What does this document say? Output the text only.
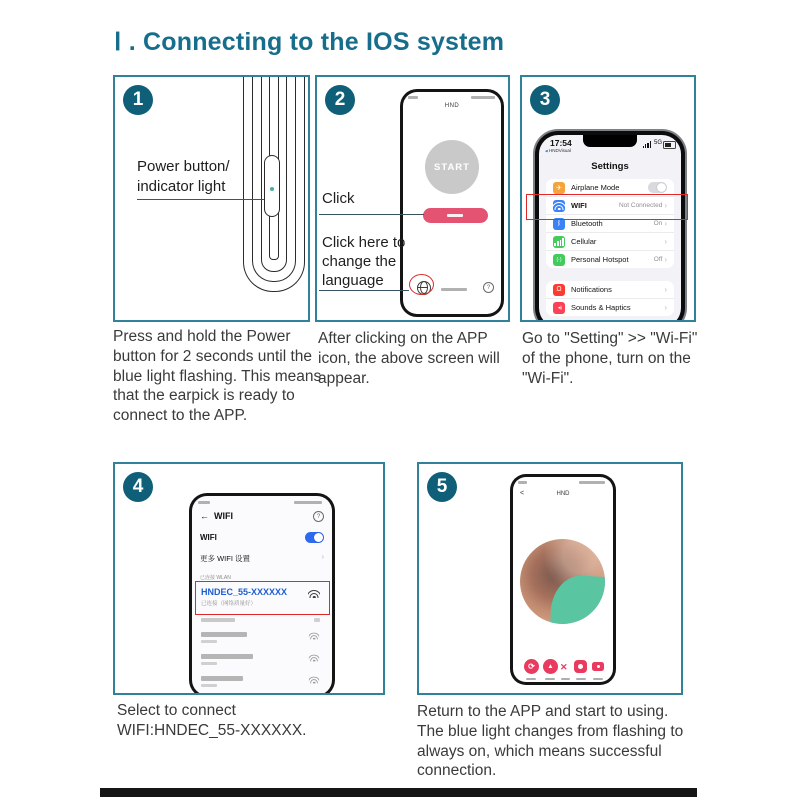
Ⅰ . Connecting to the IOS system
1
Power button/
indicator light
Press and hold the Power button for 2 seconds until the blue light flashing. This means that the earpick is ready to connect to the APP.
2	HND
START
?
Click
Click here to change the language
After clicking on the APP icon, the above screen will appear.
3
17:54
◀ HNDVisual
5G
Settings
✈	Airplane Mode
WIFI	Not Connected ›
ᛒ	Bluetooth	On ›
Cellular	›
(·)	Personal Hotspot	Off ›
Ω	Notifications	›
◄)	Sounds & Haptics	›
Go to "Setting" >> "Wi-Fi" of the phone, turn on the "Wi-Fi".
4
← WIFI	?
WIFI
更多 WIFI 设置	›
已连接 WLAN
HNDEC_55-XXXXXX
已连接（网络质量好）
Select to connect WIFI:HNDEC_55-XXXXXX.
5	<	HND
⟳	▲ ✕
Return to the APP and start to using. The blue light changes from flashing to always on, which means successful connection.
